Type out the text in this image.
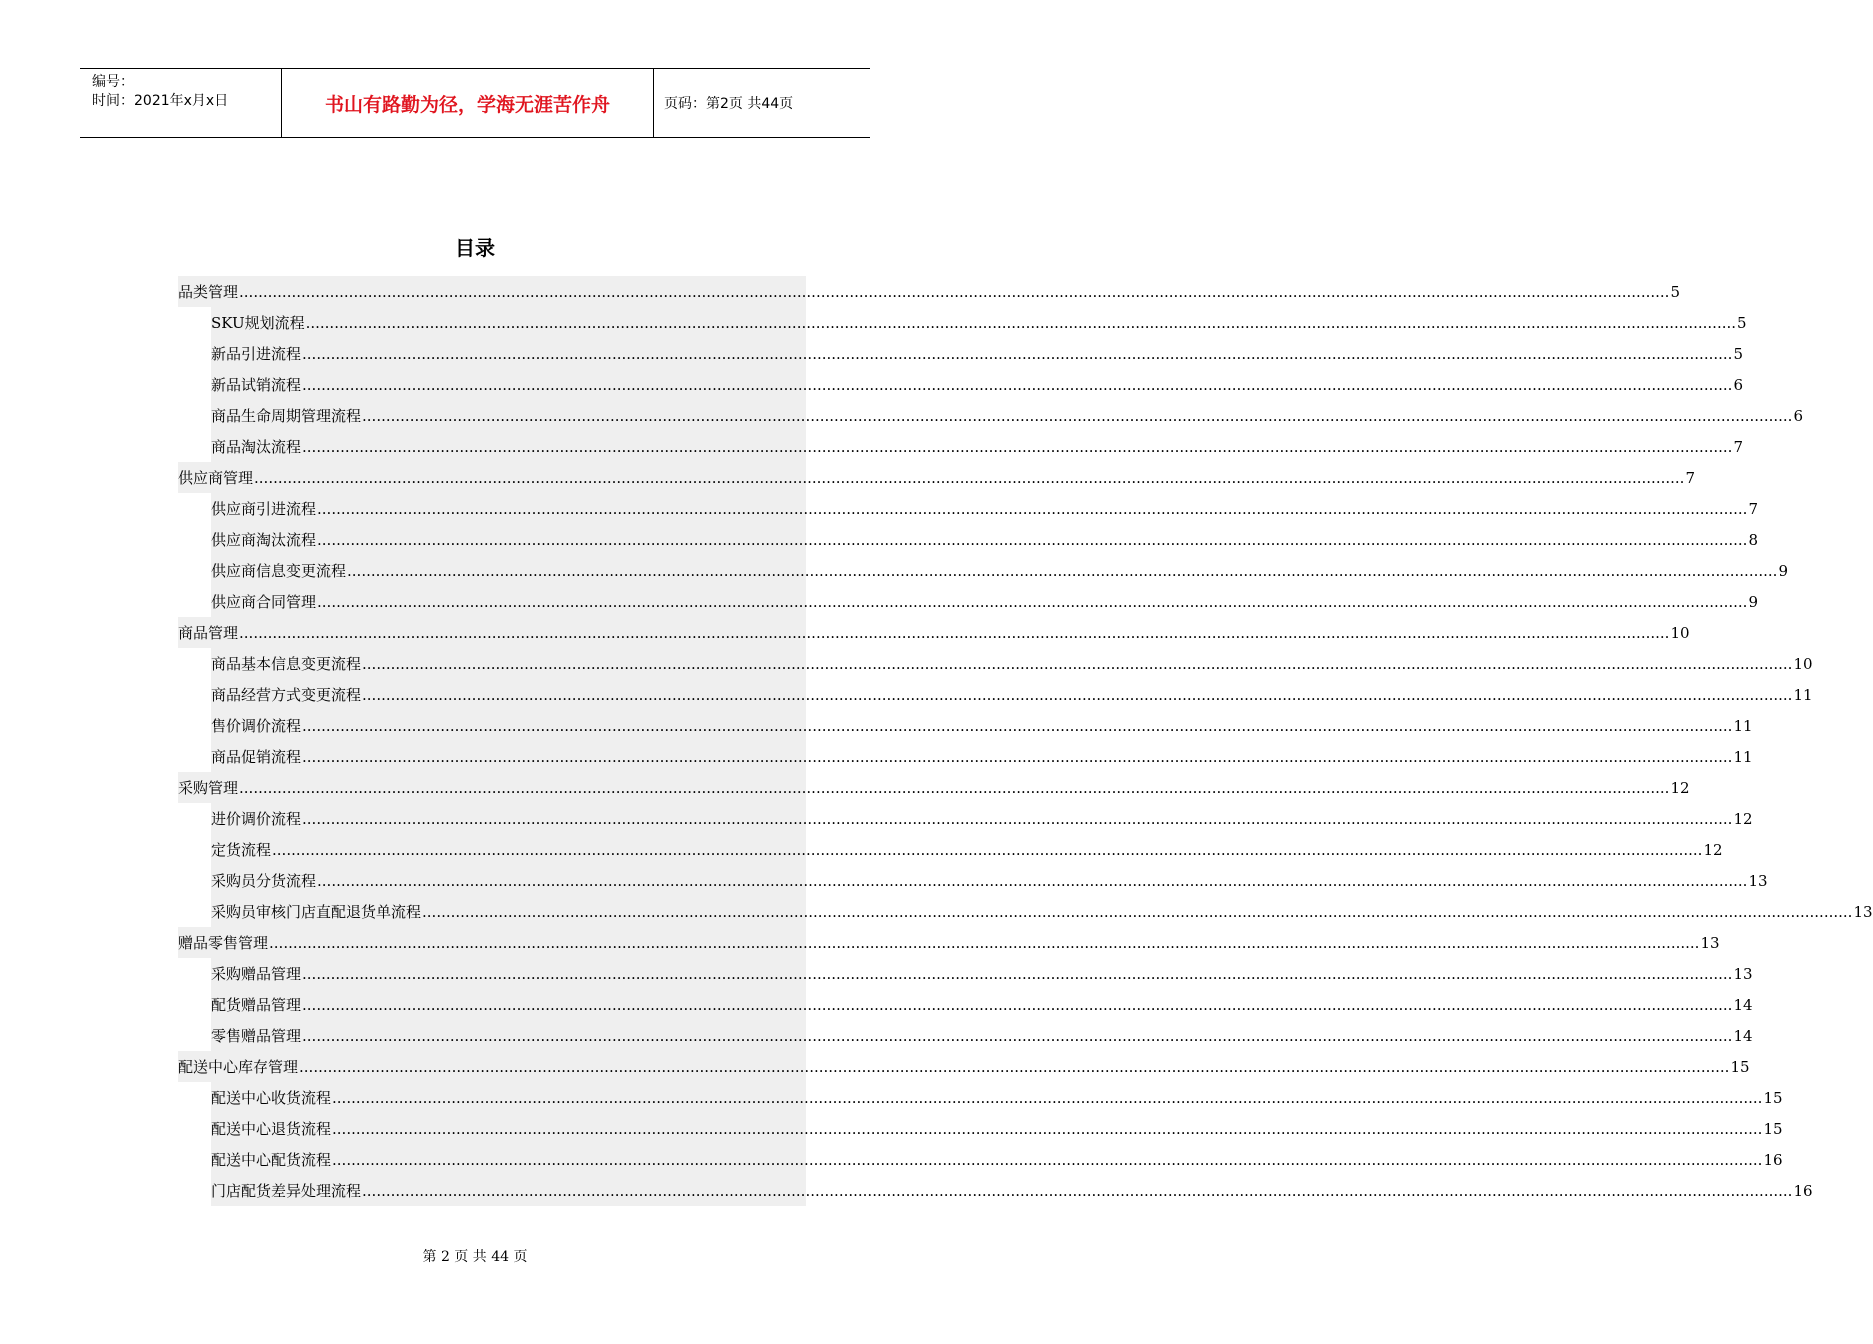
编号：
时间：2021年x月x日	书山有路勤为径，学海无涯苦作舟	页码：第2页 共44页
目录
品类管理 ............................................................................................................................................................................................................................................................................................................ 5
SKU规划流程 ............................................................................................................................................................................................................................................................................................................ 5
新品引进流程 ............................................................................................................................................................................................................................................................................................................ 5
新品试销流程 ............................................................................................................................................................................................................................................................................................................ 6
商品生命周期管理流程 ............................................................................................................................................................................................................................................................................................................ 6
商品淘汰流程 ............................................................................................................................................................................................................................................................................................................ 7
供应商管理 ............................................................................................................................................................................................................................................................................................................ 7
供应商引进流程 ............................................................................................................................................................................................................................................................................................................ 7
供应商淘汰流程 ............................................................................................................................................................................................................................................................................................................ 8
供应商信息变更流程 ............................................................................................................................................................................................................................................................................................................ 9
供应商合同管理 ............................................................................................................................................................................................................................................................................................................ 9
商品管理 ............................................................................................................................................................................................................................................................................................................ 10
商品基本信息变更流程 ............................................................................................................................................................................................................................................................................................................ 10
商品经营方式变更流程 ............................................................................................................................................................................................................................................................................................................ 11
售价调价流程 ............................................................................................................................................................................................................................................................................................................ 11
商品促销流程 ............................................................................................................................................................................................................................................................................................................ 11
采购管理 ............................................................................................................................................................................................................................................................................................................ 12
进价调价流程 ............................................................................................................................................................................................................................................................................................................ 12
定货流程 ............................................................................................................................................................................................................................................................................................................ 12
采购员分货流程 ............................................................................................................................................................................................................................................................................................................ 13
采购员审核门店直配退货单流程 ............................................................................................................................................................................................................................................................................................................ 13
赠品零售管理 ............................................................................................................................................................................................................................................................................................................ 13
采购赠品管理 ............................................................................................................................................................................................................................................................................................................ 13
配货赠品管理 ............................................................................................................................................................................................................................................................................................................ 14
零售赠品管理 ............................................................................................................................................................................................................................................................................................................ 14
配送中心库存管理 ............................................................................................................................................................................................................................................................................................................ 15
配送中心收货流程 ............................................................................................................................................................................................................................................................................................................ 15
配送中心退货流程 ............................................................................................................................................................................................................................................................................................................ 15
配送中心配货流程 ............................................................................................................................................................................................................................................................................................................ 16
门店配货差异处理流程 ............................................................................................................................................................................................................................................................................................................ 16
第 2 页 共 44 页
